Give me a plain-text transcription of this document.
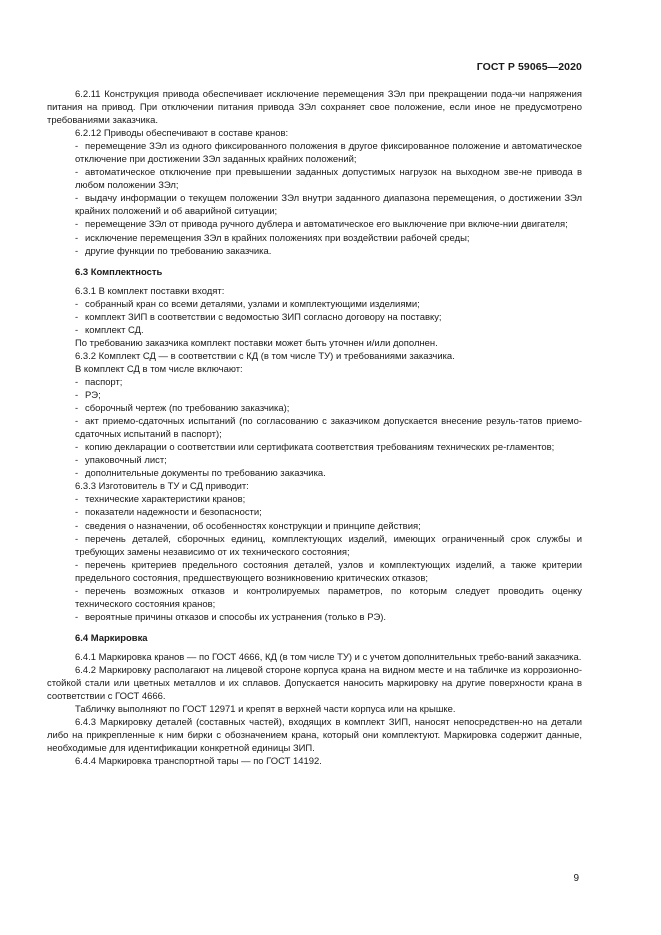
ГОСТ Р 59065—2020
6.2.11 Конструкция привода обеспечивает исключение перемещения ЗЭл при прекращении пода-чи напряжения питания на привод. При отключении питания привода ЗЭл сохраняет свое положение, если иное не предусмотрено требованиями заказчика.
6.2.12 Приводы обеспечивают в составе кранов:
- перемещение ЗЭл из одного фиксированного положения в другое фиксированное положение и автоматическое отключение при достижении ЗЭл заданных крайних положений;
- автоматическое отключение при превышении заданных допустимых нагрузок на выходном зве-не привода в любом положении ЗЭл;
- выдачу информации о текущем положении ЗЭл внутри заданного диапазона перемещения, о достижении ЗЭл крайних положений и об аварийной ситуации;
- перемещение ЗЭл от привода ручного дублера и автоматическое его выключение при включе-нии двигателя;
- исключение перемещения ЗЭл в крайних положениях при воздействии рабочей среды;
- другие функции по требованию заказчика.
6.3 Комплектность
6.3.1 В комплект поставки входят:
- собранный кран со всеми деталями, узлами и комплектующими изделиями;
- комплект ЗИП в соответствии с ведомостью ЗИП согласно договору на поставку;
- комплект СД.
По требованию заказчика комплект поставки может быть уточнен и/или дополнен.
6.3.2 Комплект СД — в соответствии с КД (в том числе ТУ) и требованиями заказчика.
В комплект СД в том числе включают:
- паспорт;
- РЭ;
- сборочный чертеж (по требованию заказчика);
- акт приемо-сдаточных испытаний (по согласованию с заказчиком допускается внесение резуль-татов приемо-сдаточных испытаний в паспорт);
- копию декларации о соответствии или сертификата соответствия требованиям технических ре-гламентов;
- упаковочный лист;
- дополнительные документы по требованию заказчика.
6.3.3 Изготовитель в ТУ и СД приводит:
- технические характеристики кранов;
- показатели надежности и безопасности;
- сведения о назначении, об особенностях конструкции и принципе действия;
- перечень деталей, сборочных единиц, комплектующих изделий, имеющих ограниченный срок службы и требующих замены независимо от их технического состояния;
- перечень критериев предельного состояния деталей, узлов и комплектующих изделий, а также критерии предельного состояния, предшествующего возникновению критических отказов;
- перечень возможных отказов и контролируемых параметров, по которым следует проводить оценку технического состояния кранов;
- вероятные причины отказов и способы их устранения (только в РЭ).
6.4 Маркировка
6.4.1 Маркировка кранов — по ГОСТ 4666, КД (в том числе ТУ) и с учетом дополнительных требо-ваний заказчика.
6.4.2 Маркировку располагают на лицевой стороне корпуса крана на видном месте и на табличке из коррозионно-стойкой стали или цветных металлов и их сплавов. Допускается наносить маркировку на другие поверхности крана в соответствии с ГОСТ 4666.
Табличку выполняют по ГОСТ 12971 и крепят в верхней части корпуса или на крышке.
6.4.3 Маркировку деталей (составных частей), входящих в комплект ЗИП, наносят непосредствен-но на детали либо на прикрепленные к ним бирки с обозначением крана, который они комплектуют. Маркировка содержит данные, необходимые для идентификации конкретной единицы ЗИП.
6.4.4 Маркировка транспортной тары — по ГОСТ 14192.
9
